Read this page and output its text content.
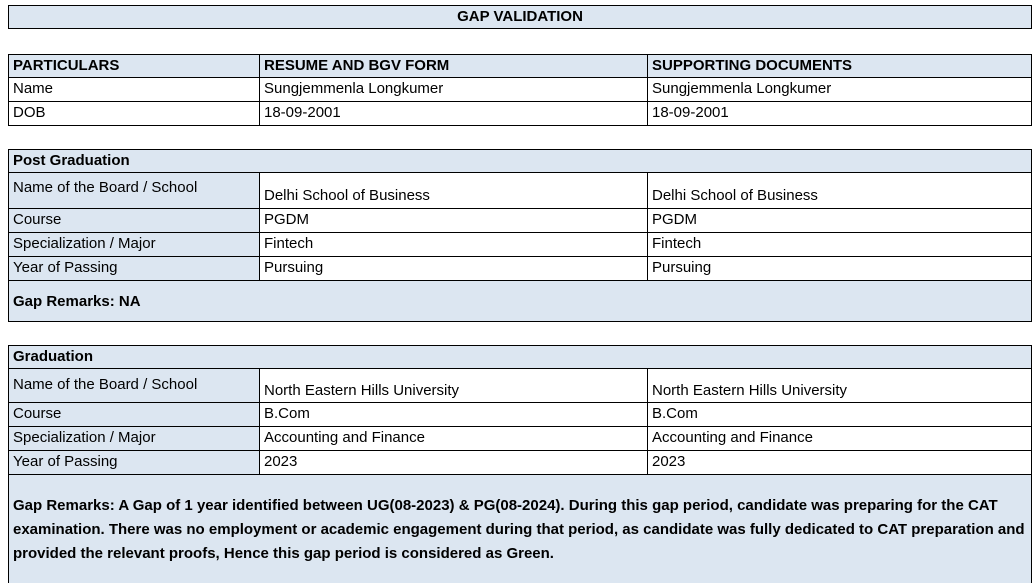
GAP VALIDATION
PARTICULARS	RESUME AND BGV FORM	SUPPORTING DOCUMENTS
Name	Sungjemmenla Longkumer	Sungjemmenla Longkumer
DOB	18-09-2001	18-09-2001
Post Graduation
Name of the Board / School	Delhi School of Business	Delhi School of Business
Course	PGDM	PGDM
Specialization / Major	Fintech	Fintech
Year of Passing	Pursuing	Pursuing
Gap Remarks: NA
Graduation
Name of the Board / School	North Eastern Hills University	North Eastern Hills University
Course	B.Com	B.Com
Specialization / Major	Accounting and Finance	Accounting and Finance
Year of Passing	2023	2023
Gap Remarks: A Gap of 1 year identified between UG(08-2023) & PG(08-2024). During this gap period, candidate was preparing for the CAT examination. There was no employment or academic engagement during that period, as candidate was fully dedicated to CAT preparation and provided the relevant proofs, Hence this gap period is considered as Green.
